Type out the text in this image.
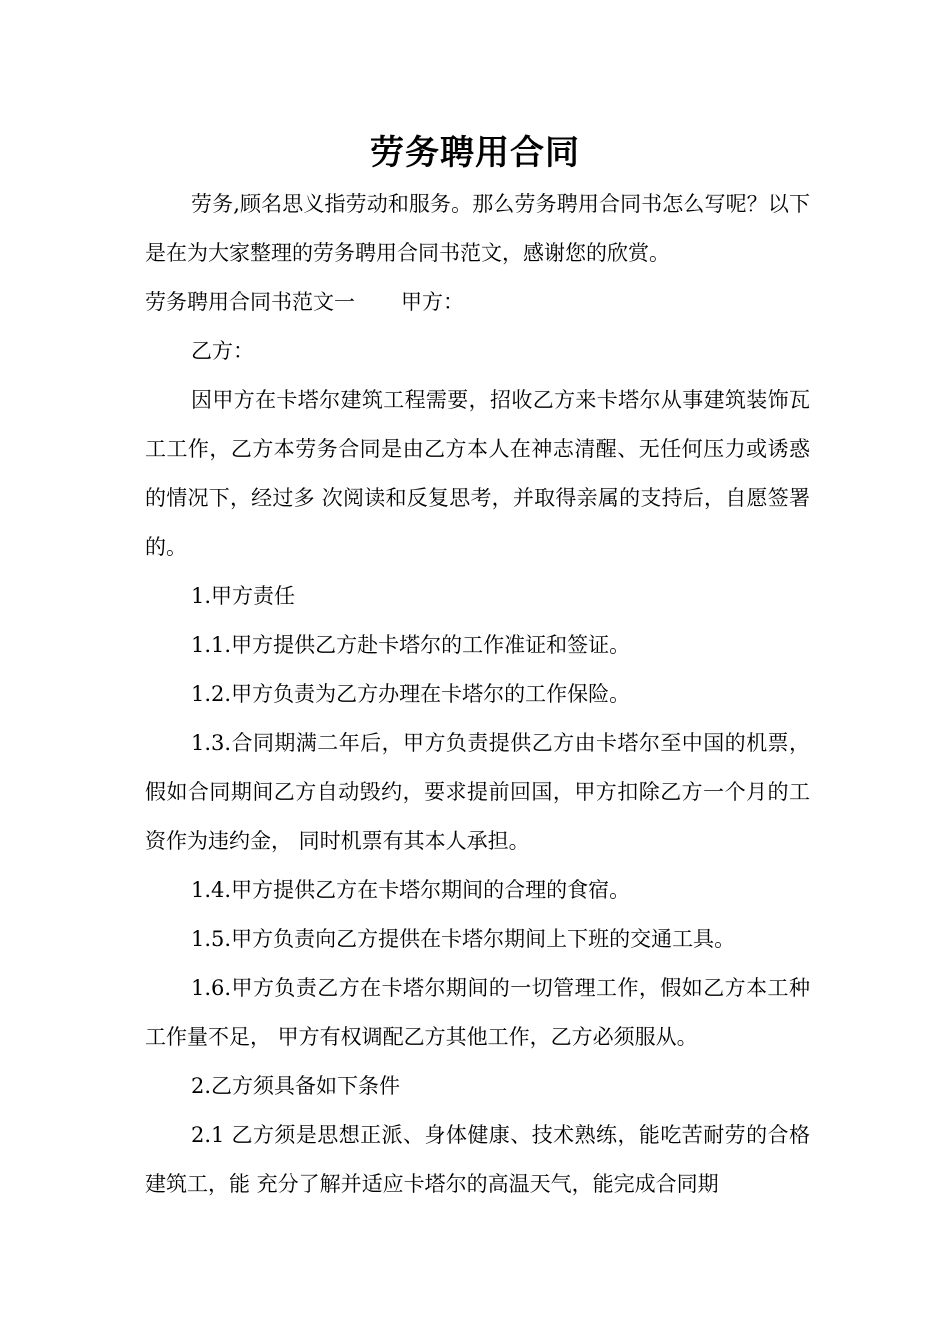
劳务聘用合同

劳务,顾名思义指劳动和服务。那么劳务聘用合同书怎么写呢？以下是在为大家整理的劳务聘用合同书范文，感谢您的欣赏。

劳务聘用合同书范文一 甲方：

乙方：

因甲方在卡塔尔建筑工程需要，招收乙方来卡塔尔从事建筑装饰瓦工工作，乙方本劳务合同是由乙方本人在神志清醒、无任何压力或诱惑的情况下，经过多 次阅读和反复思考，并取得亲属的支持后，自愿签署的。

1.甲方责任

1.1.甲方提供乙方赴卡塔尔的工作准证和签证。

1.2.甲方负责为乙方办理在卡塔尔的工作保险。

1.3.合同期满二年后，甲方负责提供乙方由卡塔尔至中国的机票，假如合同期间乙方自动毁约，要求提前回国，甲方扣除乙方一个月的工资作为违约金， 同时机票有其本人承担。

1.4.甲方提供乙方在卡塔尔期间的合理的食宿。

1.5.甲方负责向乙方提供在卡塔尔期间上下班的交通工具。

1.6.甲方负责乙方在卡塔尔期间的一切管理工作，假如乙方本工种工作量不足， 甲方有权调配乙方其他工作，乙方必须服从。

2.乙方须具备如下条件

2.1 乙方须是思想正派、身体健康、技术熟练，能吃苦耐劳的合格建筑工，能 充分了解并适应卡塔尔的高温天气，能完成合同期
